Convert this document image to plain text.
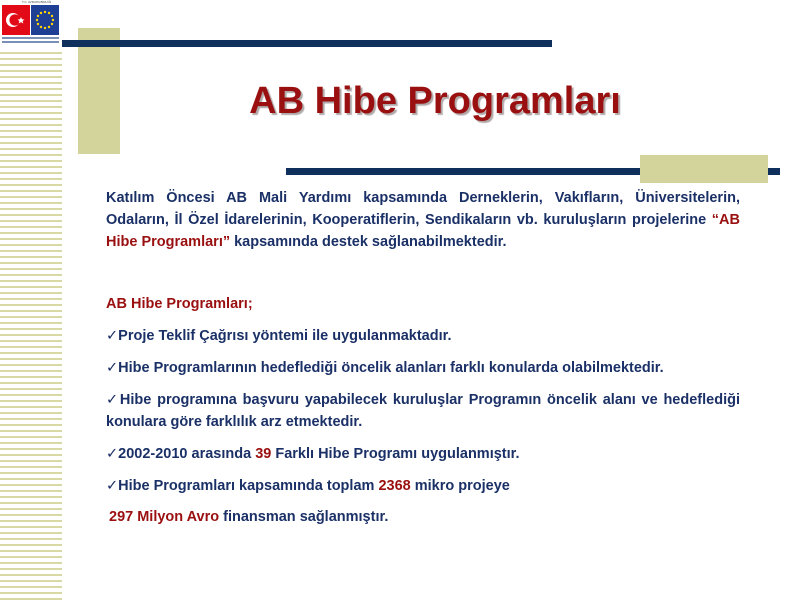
T.C. AVRUPA BİRLİĞİ
AB Hibe Programları

Katılım Öncesi AB Mali Yardımı kapsamında Derneklerin, Vakıfların, Üniversitelerin, Odaların, İl Özel İdarelerinin, Kooperatiflerin, Sendikaların vb. kuruluşların projelerine “AB Hibe Programları” kapsamında destek sağlanabilmektedir.

AB Hibe Programları;

✓Proje Teklif Çağrısı yöntemi ile uygulanmaktadır.

✓Hibe Programlarının hedeflediği öncelik alanları farklı konularda olabilmektedir.

✓Hibe programına başvuru yapabilecek kuruluşlar Programın öncelik alanı ve hedeflediği konulara göre farklılık arz etmektedir.

✓2002-2010 arasında 39 Farklı Hibe Programı uygulanmıştır.

✓Hibe Programları kapsamında toplam 2368 mikro projeye

297 Milyon Avro finansman sağlanmıştır.
